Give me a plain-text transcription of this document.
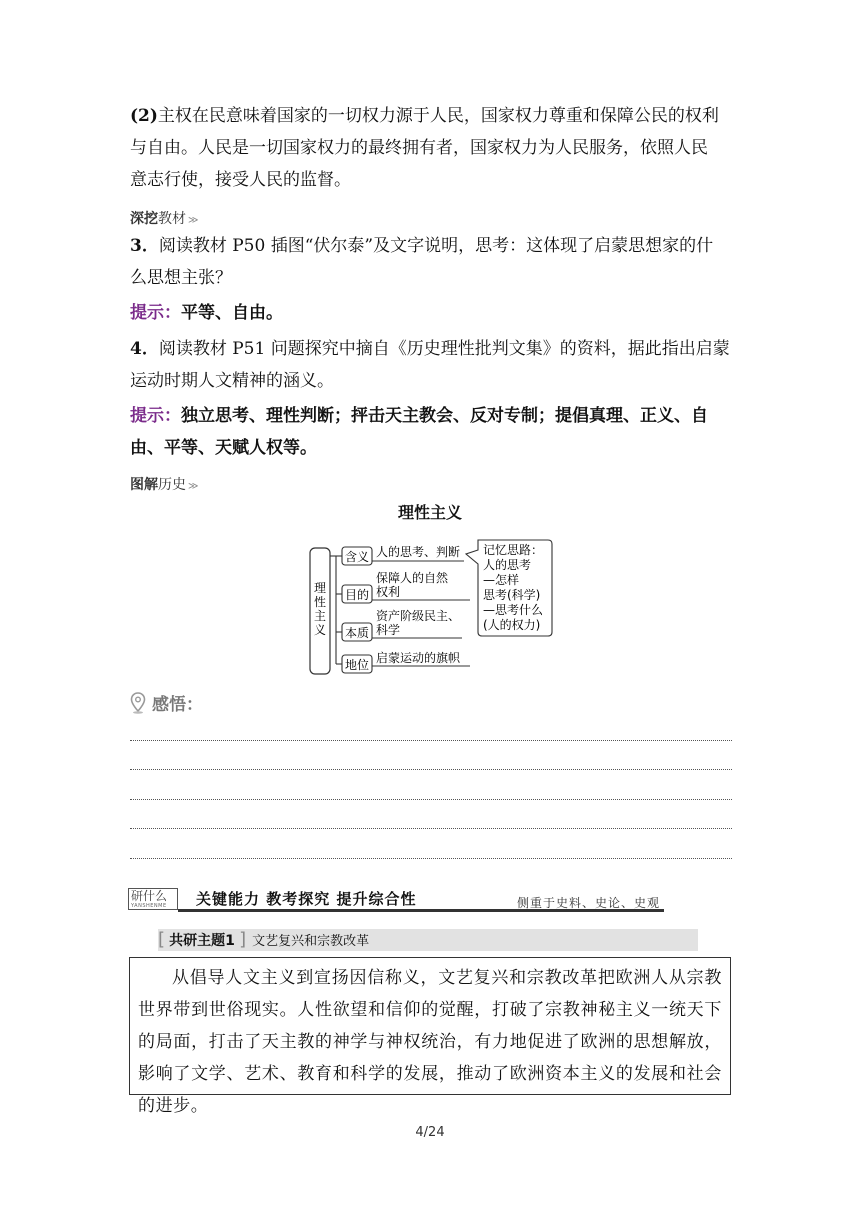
(2)主权在民意味着国家的一切权力源于人民，国家权力尊重和保障公民的权利
与自由。人民是一切国家权力的最终拥有者，国家权力为人民服务，依照人民
意志行使，接受人民的监督。

深挖教材 ≫

3．阅读教材 P50 插图“伏尔泰”及文字说明，思考：这体现了启蒙思想家的什
么思想主张？

提示：平等、自由。

4．阅读教材 P51 问题探究中摘自《历史理性批判文集》的资料，据此指出启蒙
运动时期人文精神的涵义。

提示：独立思考、理性判断；抨击天主教会、反对专制；提倡真理、正义、自
由、平等、天赋人权等。

图解历史 ≫
理性主义
理
性
主
义
含义
目的
本质
地位
人的思考、判断
保障人的自然
权利
资产阶级民主、
科学
启蒙运动的旗帜
记忆思路：
人的思考
—怎样
思考(科学)
—思考什么
(人的权力)
感悟：
研什么
YANSHENME	关键能力 教考探究 提升综合性	侧重于史料、史论、史观
[ 共研主题1 ] 文艺复兴和宗教改革

从倡导人文主义到宣扬因信称义，文艺复兴和宗教改革把欧洲人从宗教世界带到世俗现实。人性欲望和信仰的觉醒，打破了宗教神秘主义一统天下的局面，打击了天主教的神学与神权统治，有力地促进了欧洲的思想解放，影响了文学、艺术、教育和科学的发展，推动了欧洲资本主义的发展和社会的进步。

4/24
